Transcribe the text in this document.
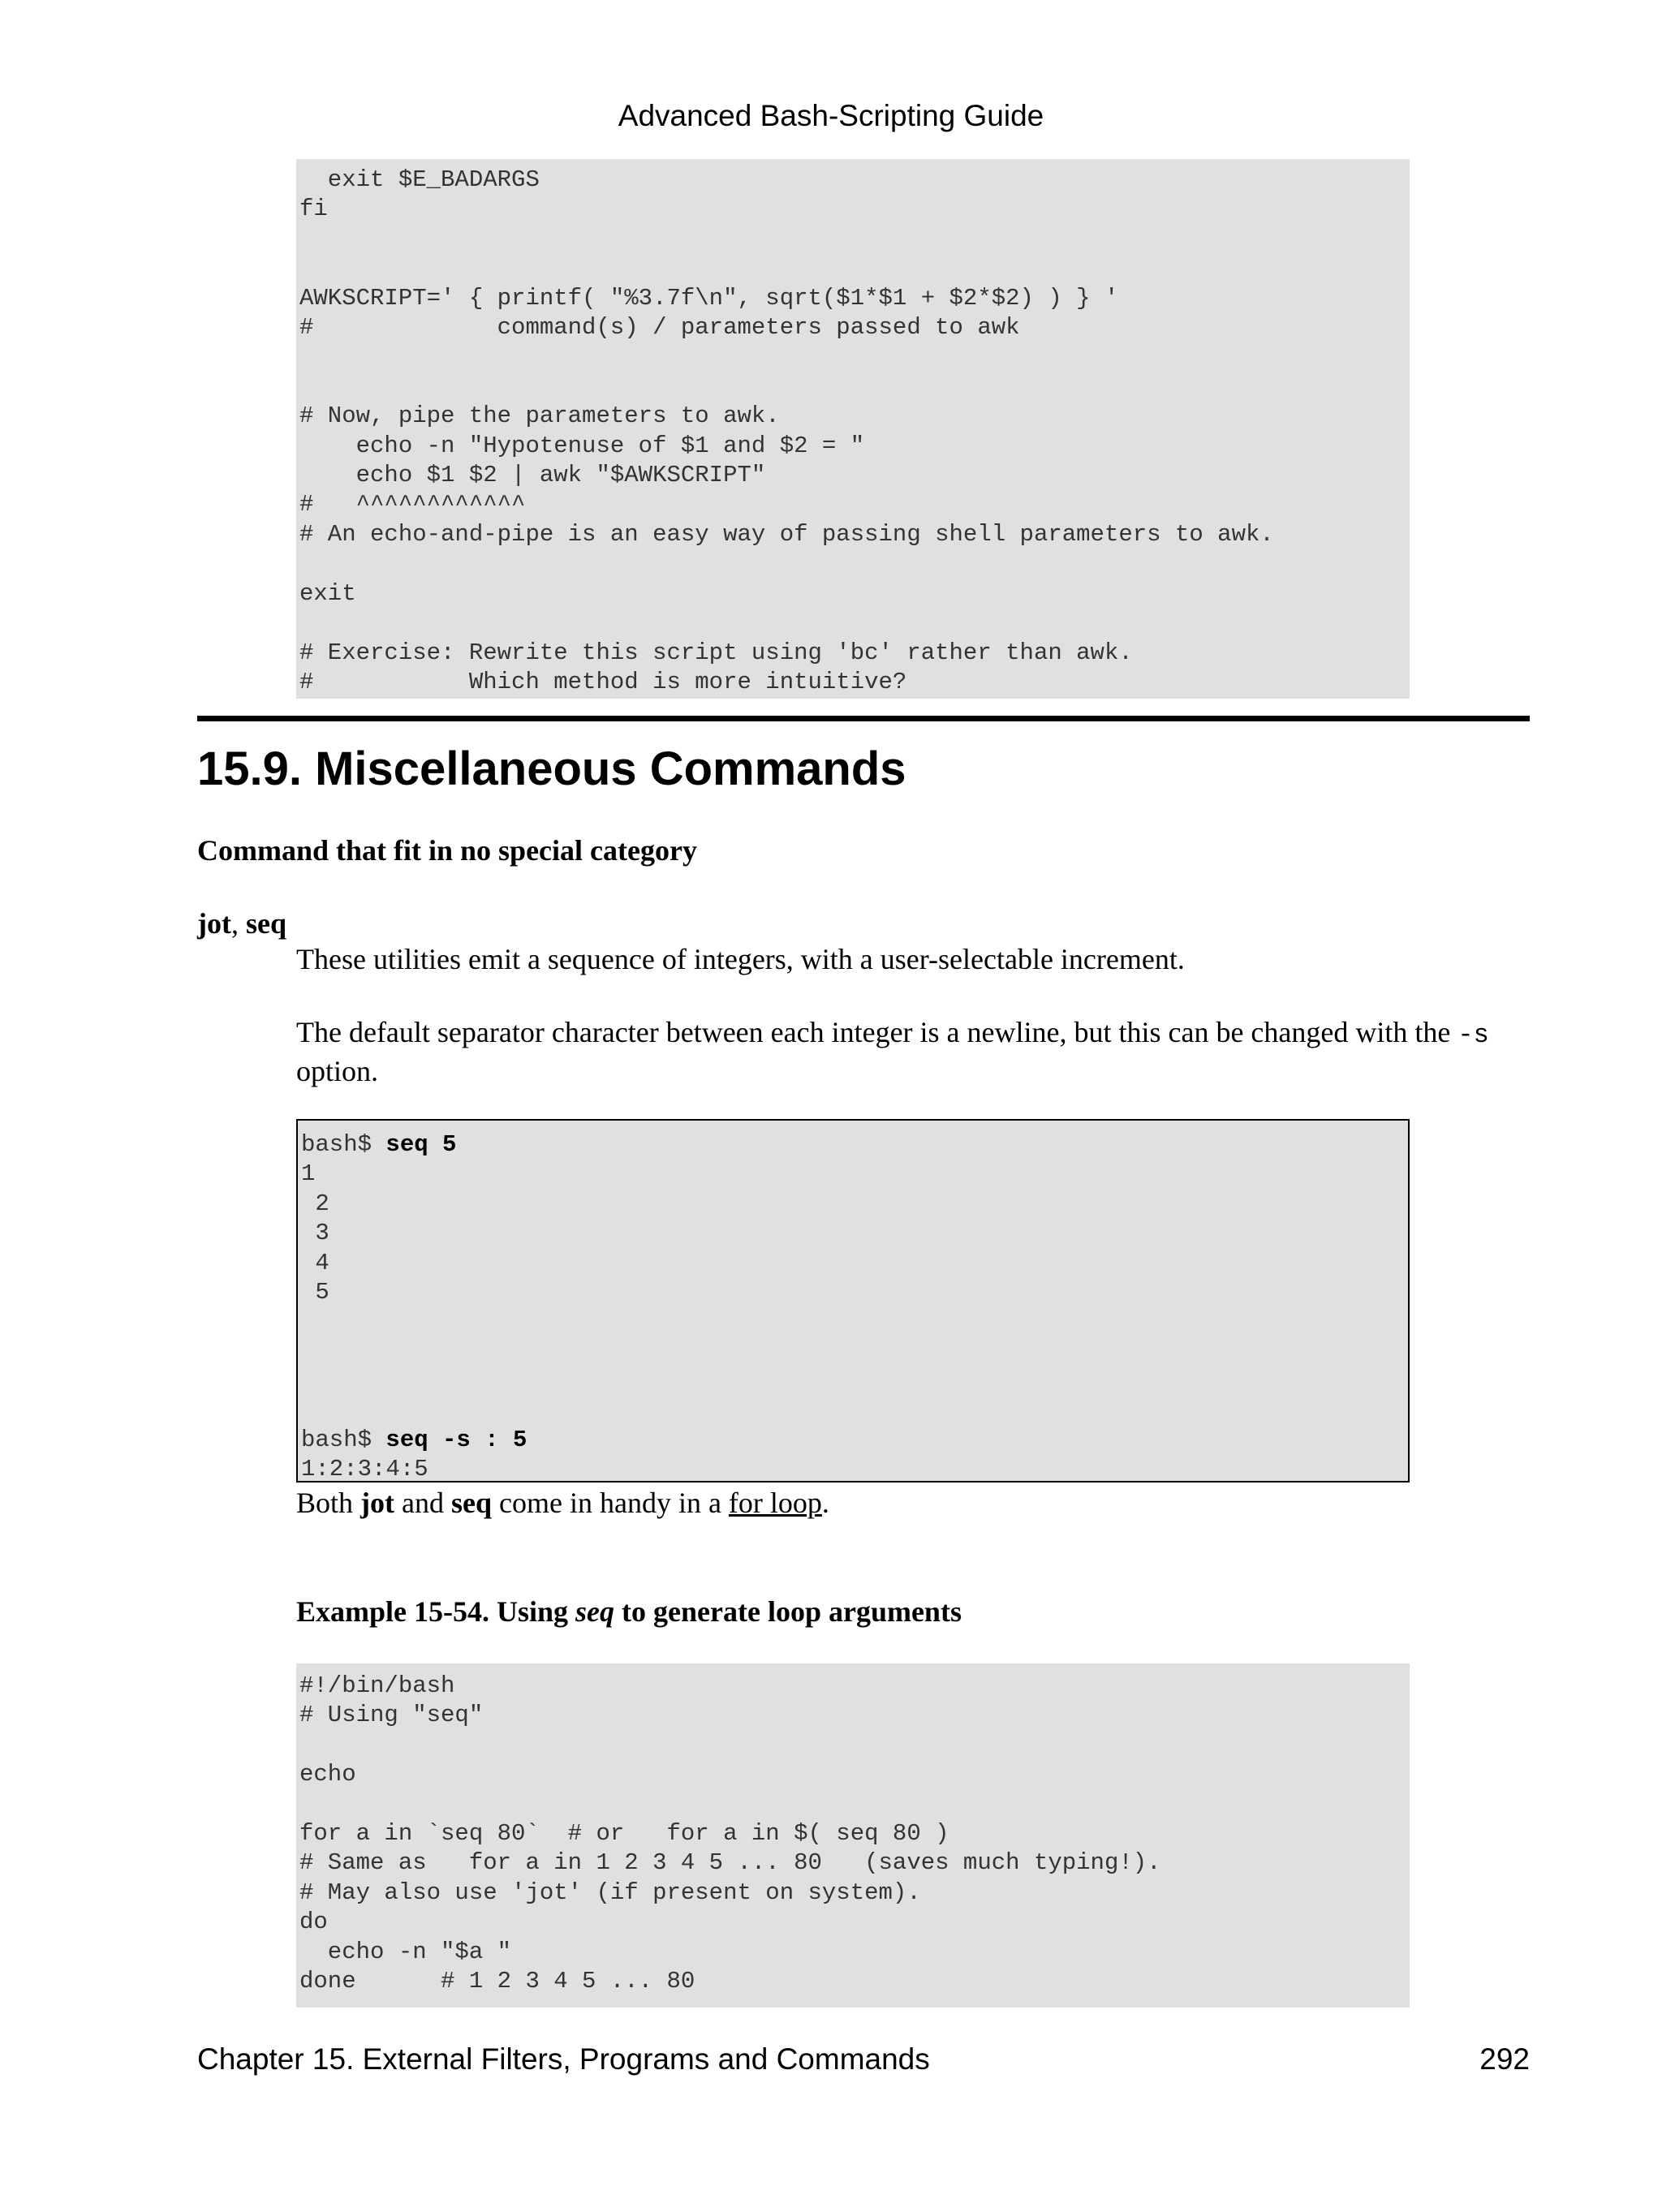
Advanced Bash-Scripting Guide

exit $E_BADARGS
fi

AWKSCRIPT=' { printf( "%3.7f\n", sqrt($1*$1 + $2*$2) ) } '
#             command(s) / parameters passed to awk

# Now, pipe the parameters to awk.
echo -n "Hypotenuse of $1 and $2 = "
echo $1 $2 | awk "$AWKSCRIPT"
#   ^^^^^^^^^^^^
# An echo-and-pipe is an easy way of passing shell parameters to awk.

exit

# Exercise: Rewrite this script using 'bc' rather than awk.
#           Which method is more intuitive?
15.9. Miscellaneous Commands

Command that fit in no special category

jot, seq

These utilities emit a sequence of integers, with a user-selectable increment.

The default separator character between each integer is a newline, but this can be changed with the -s
option.

bash$ seq 5
1
2
3
4
5

bash$ seq -s : 5
1:2:3:4:5

Both jot and seq come in handy in a for loop.

Example 15-54. Using seq to generate loop arguments

#!/bin/bash
# Using "seq"

echo

for a in `seq 80`  # or   for a in $( seq 80 )
# Same as   for a in 1 2 3 4 5 ... 80   (saves much typing!).
# May also use 'jot' (if present on system).
do
echo -n "$a "
done      # 1 2 3 4 5 ... 80

Chapter 15. External Filters, Programs and Commands	292
